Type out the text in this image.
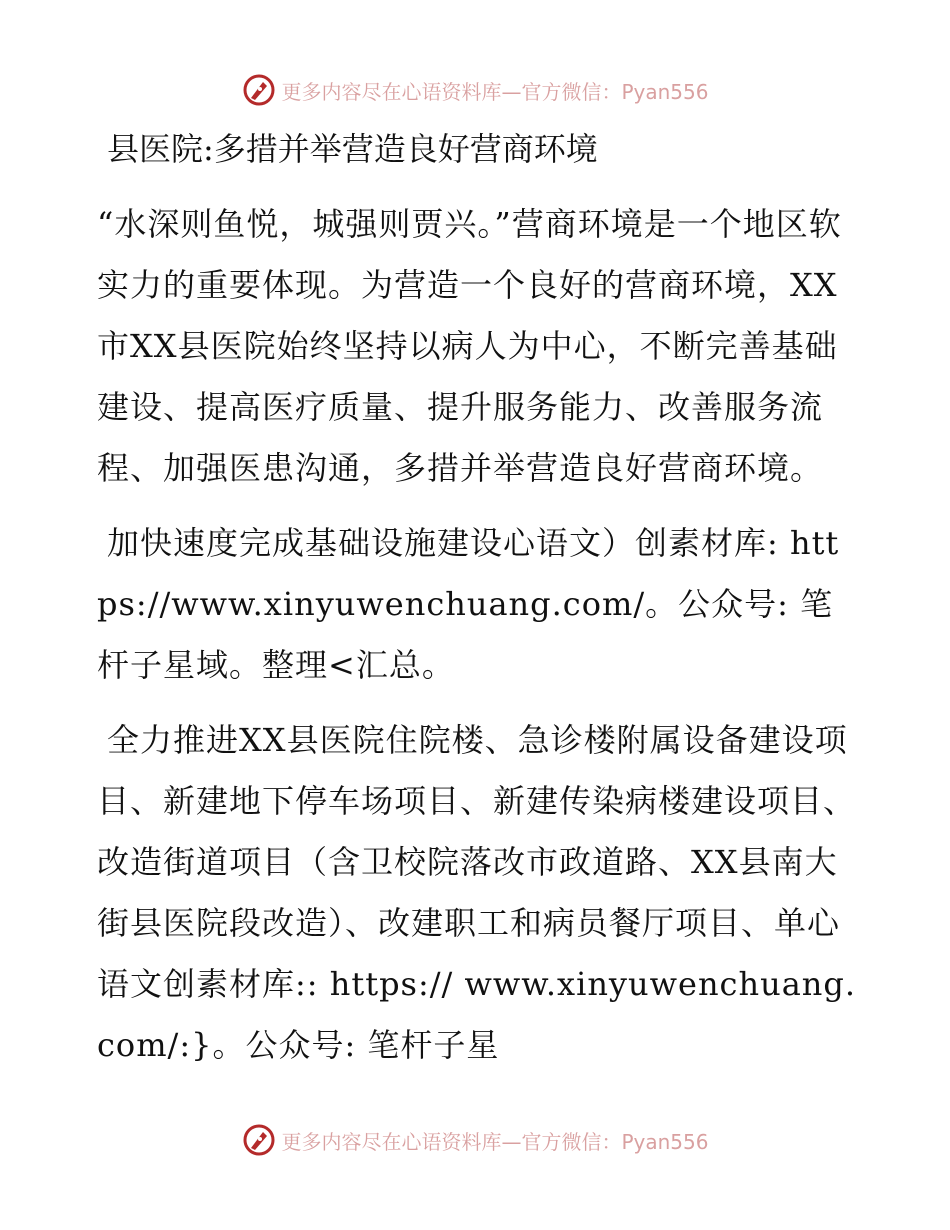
更多内容尽在心语资料库—官方微信：Pyan556
县医院:多措并举营造良好营商环境

“水深则鱼悦，城强则贾兴。”营商环境是一个地区软实力的重要体现。为营造一个良好的营商环境，XX市XX县医院始终坚持以病人为中心，不断完善基础建设、提高医疗质量、提升服务能力、改善服务流程、加强医患沟通，多措并举营造良好营商环境。

加快速度完成基础设施建设心语文）创素材库: https://www.xinyuwenchuang.com/。公众号: 笔杆子星域。整理<汇总。

全力推进XX县医院住院楼、急诊楼附属设备建设项目、新建地下停车场项目、新建传染病楼建设项目、改造街道项目（含卫校院落改市政道路、XX县南大街县医院段改造）、改建职工和病员餐厅项目、单心语文创素材库:: https:// www.xinyuwenchuang.com/:}。公众号: 笔杆子星

更多内容尽在心语资料库—官方微信：Pyan556
